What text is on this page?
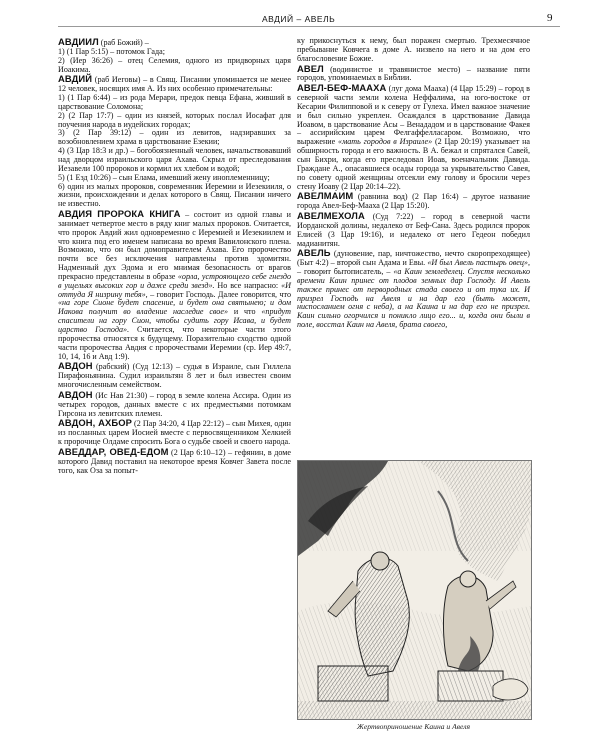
АВДИЙ – АВЕЛЬ	9

АВДИИЛ (раб Божий) –

1) (1 Пар 5:15) – потомок Гада;

2) (Иер 36:26) – отец Селемия, одного из придворных царя Иоакима.

АВДИЙ (раб Иеговы) – в Свящ. Писании упоминается не менее 12 человек, носящих имя А. Из них особенно примечательны:

1) (1 Пар 6:44) – из рода Мерари, предок певца Ефана, живший в царствование Соломона;

2) (2 Пар 17:7) – один из князей, которых послал Иосафат для поучения народа в иудейских городах;

3) (2 Пар 39:12) – один из левитов, надзиравших за возобновлением храма в царствование Езекии;

4) (3 Цар 18:3 и др.) – богобоязненный человек, начальствовавший над дворцом израильского царя Ахава. Скрыл от преследования Иезавели 100 пророков и кормил их хлебом и водой;

5) (1 Езд 10:26) – сын Елама, имевший жену иноплеменницу;

6) один из малых пророков, современник Иеремии и Иезекииля, о жизни, происхождении и делах которого в Свящ. Писании ничего не известно.

АВДИЯ ПРОРОКА КНИГА – состоит из одной главы и занимает четвертое место в ряду книг малых пророков. Считается, что пророк Авдий жил одновременно с Иеремией и Иезекиилем и что книга под его именем написана во время Вавилонского плена. Возможно, что он был домоправителем Ахава. Его пророчество почти все без исключения направлены против эдомитян. Надменный дух Эдома и его мнимая безопасность от врагов прекрасно представлены в образе «орла, устрояющего себе гнездо в ущельях высоких гор и даже среди звезд». Но все напрасно: «И оттуда Я низрину тебя», – говорит Господь. Далее говорится, что «на горе Сионе будет спасение, и будет она святынею; и дом Иакова получит во владение наследие свое» и что «придут спасители на гору Сион, чтобы судить гору Исава, и будет царство Господа». Считается, что некоторые части этого пророчества относятся к будущему. Поразительно сходство одной части пророчества Авдия с пророчествами Иеремии (ср. Иер 49:7, 10, 14, 16 и Авд 1:9).

АВДОН (рабский) (Суд 12:13) – судья в Израиле, сын Гиллела Пирафоньянина. Судил израильтян 8 лет и был известен своим многочисленным семейством.

АВДОН (Ис Нав 21:30) – город в земле колена Ассира. Один из четырех городов, данных вместе с их предместьями потомкам Гирсона из левитских племен.

АВДОН, АХБОР (2 Пар 34:20, 4 Цар 22:12) – сын Михея, один из посланных царем Иосией вместе с первосвященником Хелкией к пророчице Олдаме спросить Бога о судьбе своей и своего народа.

АВЕДДАР, ОВЕД-ЕДОМ (2 Цар 6:10–12) – гефянин, в доме которого Давид поставил на некоторое время Ковчег Завета после того, как Оза за попыт-

ку прикоснуться к нему, был поражен смертью. Трехмесячное пребывание Ковчега в доме А. низвело на него и на дом его благословение Божие.

АВЕЛ (водинистое и травянистое место) – название пяти городов, упоминаемых в Библии.

АВЕЛ-БЕФ-МААХА (луг дома Мааха) (4 Цар 15:29) – город в северной части земли колена Неффалима, на юго-востоке от Кесарии Филипповой и к северу от Гулеха. Имел важное значение и был сильно укреплен. Осаждался в царствование Давида Иоавом, в царствование Асы – Венададом и в царствование Факея – ассирийским царем Фелгаффелласаром. Возможно, что выражение «мать городов в Израиле» (2 Цар 20:19) указывает на обширность города и его важность. В А. бежал и спрятался Савей, сын Бихри, когда его преследовал Иоав, военачальник Давида. Граждане А., опасавшиеся осады города за укрывательство Савея, по совету одной женщины отсекли ему голову и бросили через стену Иоаву (2 Цар 20:14–22).

АВЕЛМАИМ (равнина вод) (2 Пар 16:4) – другое название города Авел-Беф-Мааха (2 Цар 15:20).

АВЕЛМЕХОЛА (Суд 7:22) – город в северной части Иорданской долины, недалеко от Беф-Сана. Здесь родился пророк Елисей (3 Цар 19:16), и недалеко от него Гедеон победил мадианитян.

АВЕЛЬ (дуновение, пар, ничтожество, нечто скоропреходящее) (Быт 4:2) – второй сын Адама и Евы. «И был Авель пастырь овец», – говорит бытописатель, – «а Каин земледелец. Спустя несколько времени Каин принес от плодов земных дар Господу. И Авель также принес от первородных стада своего и от тука их. И призрел Господь на Авеля и на дар его (быть может, ниспосланием огня с неба), а на Каина и на дар его не призрел. Каин сильно огорчился и поникло лицо его... и, когда они были в поле, восстал Каин на Авеля, брата своего,

Жертвоприношение Каина и Авеля
